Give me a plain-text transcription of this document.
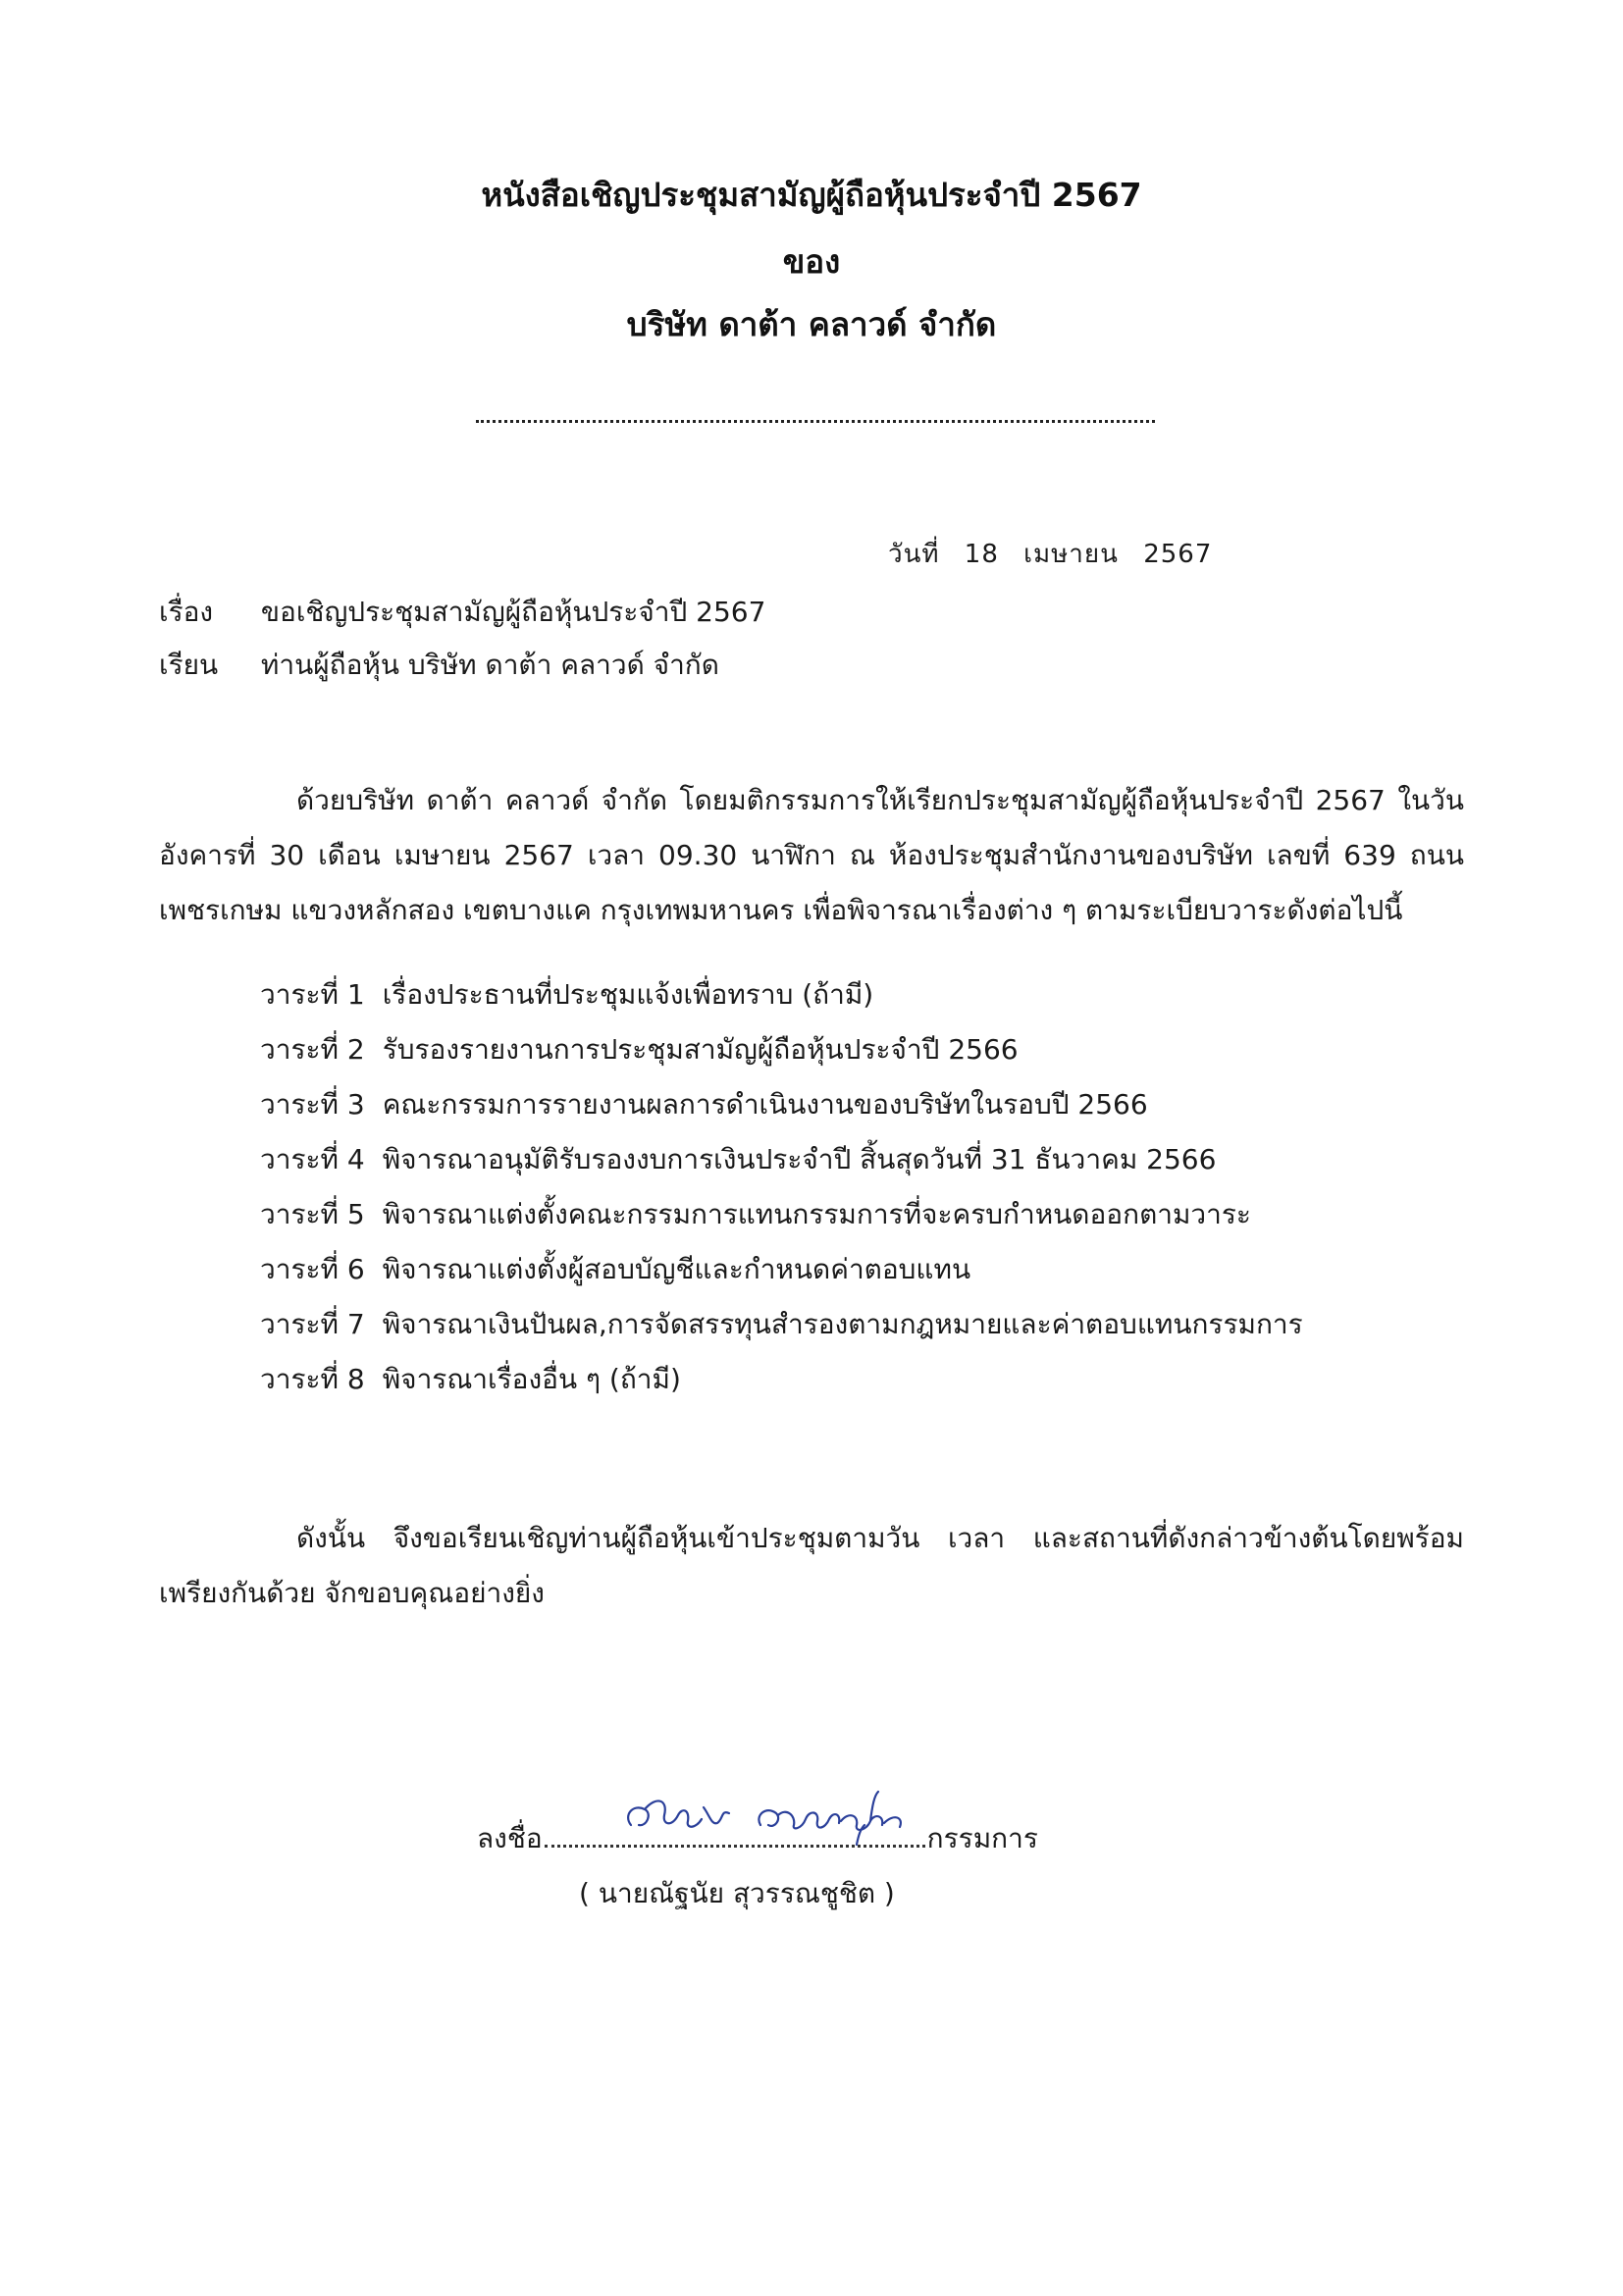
หนังสือเชิญประชุมสามัญผู้ถือหุ้นประจำปี 2567
ของ
บริษัท ดาต้า คลาวด์ จำกัด
วันที่ 18 เมษายน 2567
เรื่อง ขอเชิญประชุมสามัญผู้ถือหุ้นประจำปี 2567
เรียน ท่านผู้ถือหุ้น บริษัท ดาต้า คลาวด์ จำกัด

ด้วยบริษัท ดาต้า คลาวด์ จำกัด โดยมติกรรมการให้เรียกประชุมสามัญผู้ถือหุ้นประจำปี 2567 ในวันอังคารที่ 30 เดือน เมษายน 2567 เวลา 09.30 นาฬิกา ณ ห้องประชุมสำนักงานของบริษัท เลขที่ 639 ถนนเพชรเกษม แขวงหลักสอง เขตบางแค กรุงเทพมหานคร เพื่อพิจารณาเรื่องต่าง ๆ ตามระเบียบวาระดังต่อไปนี้

วาระที่ 1 เรื่องประธานที่ประชุมแจ้งเพื่อทราบ (ถ้ามี)
วาระที่ 2 รับรองรายงานการประชุมสามัญผู้ถือหุ้นประจำปี 2566
วาระที่ 3 คณะกรรมการรายงานผลการดำเนินงานของบริษัทในรอบปี 2566
วาระที่ 4 พิจารณาอนุมัติรับรองงบการเงินประจำปี สิ้นสุดวันที่ 31 ธันวาคม 2566
วาระที่ 5 พิจารณาแต่งตั้งคณะกรรมการแทนกรรมการที่จะครบกำหนดออกตามวาระ
วาระที่ 6 พิจารณาแต่งตั้งผู้สอบบัญชีและกำหนดค่าตอบแทน
วาระที่ 7 พิจารณาเงินปันผล,การจัดสรรทุนสำรองตามกฎหมายและค่าตอบแทนกรรมการ
วาระที่ 8 พิจารณาเรื่องอื่น ๆ (ถ้ามี)

ดังนั้น จึงขอเรียนเชิญท่านผู้ถือหุ้นเข้าประชุมตามวัน เวลา และสถานที่ดังกล่าวข้างต้นโดยพร้อมเพรียงกันด้วย จักขอบคุณอย่างยิ่ง

ลงชื่อ	กรรมการ
( นายณัฐนัย สุวรรณชูชิต )
